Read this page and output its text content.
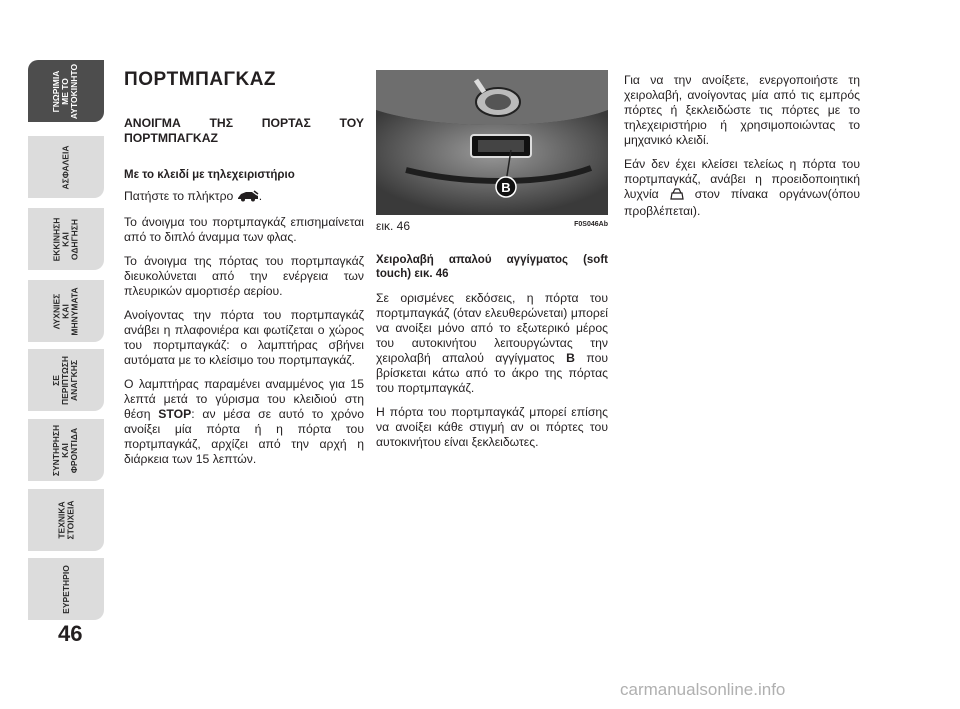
ΓΝΩΡΙΜΙΑ
ΜΕ ΤΟ
ΑΥΤΟΚΙΝΗΤΟ
ΑΣΦΑΛΕΙΑ
ΕΚΚΙΝΗΣΗ
ΚΑΙ
ΟΔΗΓΗΣΗ
ΛΥΧΝΙΕΣ
ΚΑΙ
ΜΗΝΥΜΑΤΑ
ΣΕ
ΠΕΡΙΠΤΩΣΗ
ΑΝΑΓΚΗΣ
ΣΥΝΤΗΡΗΣΗ
ΚΑΙ
ΦΡΟΝΤΙΔΑ
ΤΕΧΝΙΚΑ
ΣΤΟΙΧΕΙΑ
ΕΥΡΕΤΗΡΙΟ
46
ΠΟΡΤΜΠΑΓΚΑΖ
ΑΝΟΙΓΜΑ ΤΗΣ ΠΟΡΤΑΣ ΤΟΥ ΠΟΡΤΜΠΑΓΚΑΖ
Με το κλειδί με τηλεχειριστήριο

Πατήστε το πλήκτρο .

Το άνοιγμα του πορτμπαγκάζ επισημαίνεται από το διπλό άναμμα των φλας.

Το άνοιγμα της πόρτας του πορτμπαγκάζ διευκολύνεται από την ενέργεια των πλευρικών αμορτισέρ αερίου.

Ανοίγοντας την πόρτα του πορτμπαγκάζ ανάβει η πλαφονιέρα και φωτίζεται ο χώρος του πορτμπαγκάζ: ο λαμπτήρας σβήνει αυτόματα με το κλείσιμο του πορτμπαγκάζ.

Ο λαμπτήρας παραμένει αναμμένος για 15 λεπτά μετά το γύρισμα του κλειδιού στη θέση STOP: αν μέσα σε αυτό το χρόνο ανοίξει μία πόρτα ή η πόρτα του πορτμπαγκάζ, αρχίζει από την αρχή η διάρκεια των 15 λεπτών.

B
εικ. 46	F0S046Ab
Χειρολαβή απαλού αγγίγματος (soft touch) εικ. 46

Σε ορισμένες εκδόσεις, η πόρτα του πορτμπαγκάζ (όταν ελευθερώνεται) μπορεί να ανοίξει μόνο από το εξωτερικό μέρος του αυτοκινήτου λειτουργώντας την χειρολαβή απαλού αγγίγματος B που βρίσκεται κάτω από το άκρο της πόρτας του πορτμπαγκάζ.

Η πόρτα του πορτμπαγκάζ μπορεί επίσης να ανοίξει κάθε στιγμή αν οι πόρτες του αυτοκινήτου είναι ξεκλειδωτες.

Για να την ανοίξετε, ενεργοποιήστε τη χειρολαβή, ανοίγοντας μία από τις εμπρός πόρτες ή ξεκλειδώστε τις πόρτες με το τηλεχειριστήριο ή χρησιμοποιώντας το μηχανικό κλειδί.

Εάν δεν έχει κλείσει τελείως η πόρτα του πορτμπαγκάζ, ανάβει η προειδοποιητική λυχνία	στον πίνακα οργάνων(όπου προβλέπεται).

carmanualsonline.info
